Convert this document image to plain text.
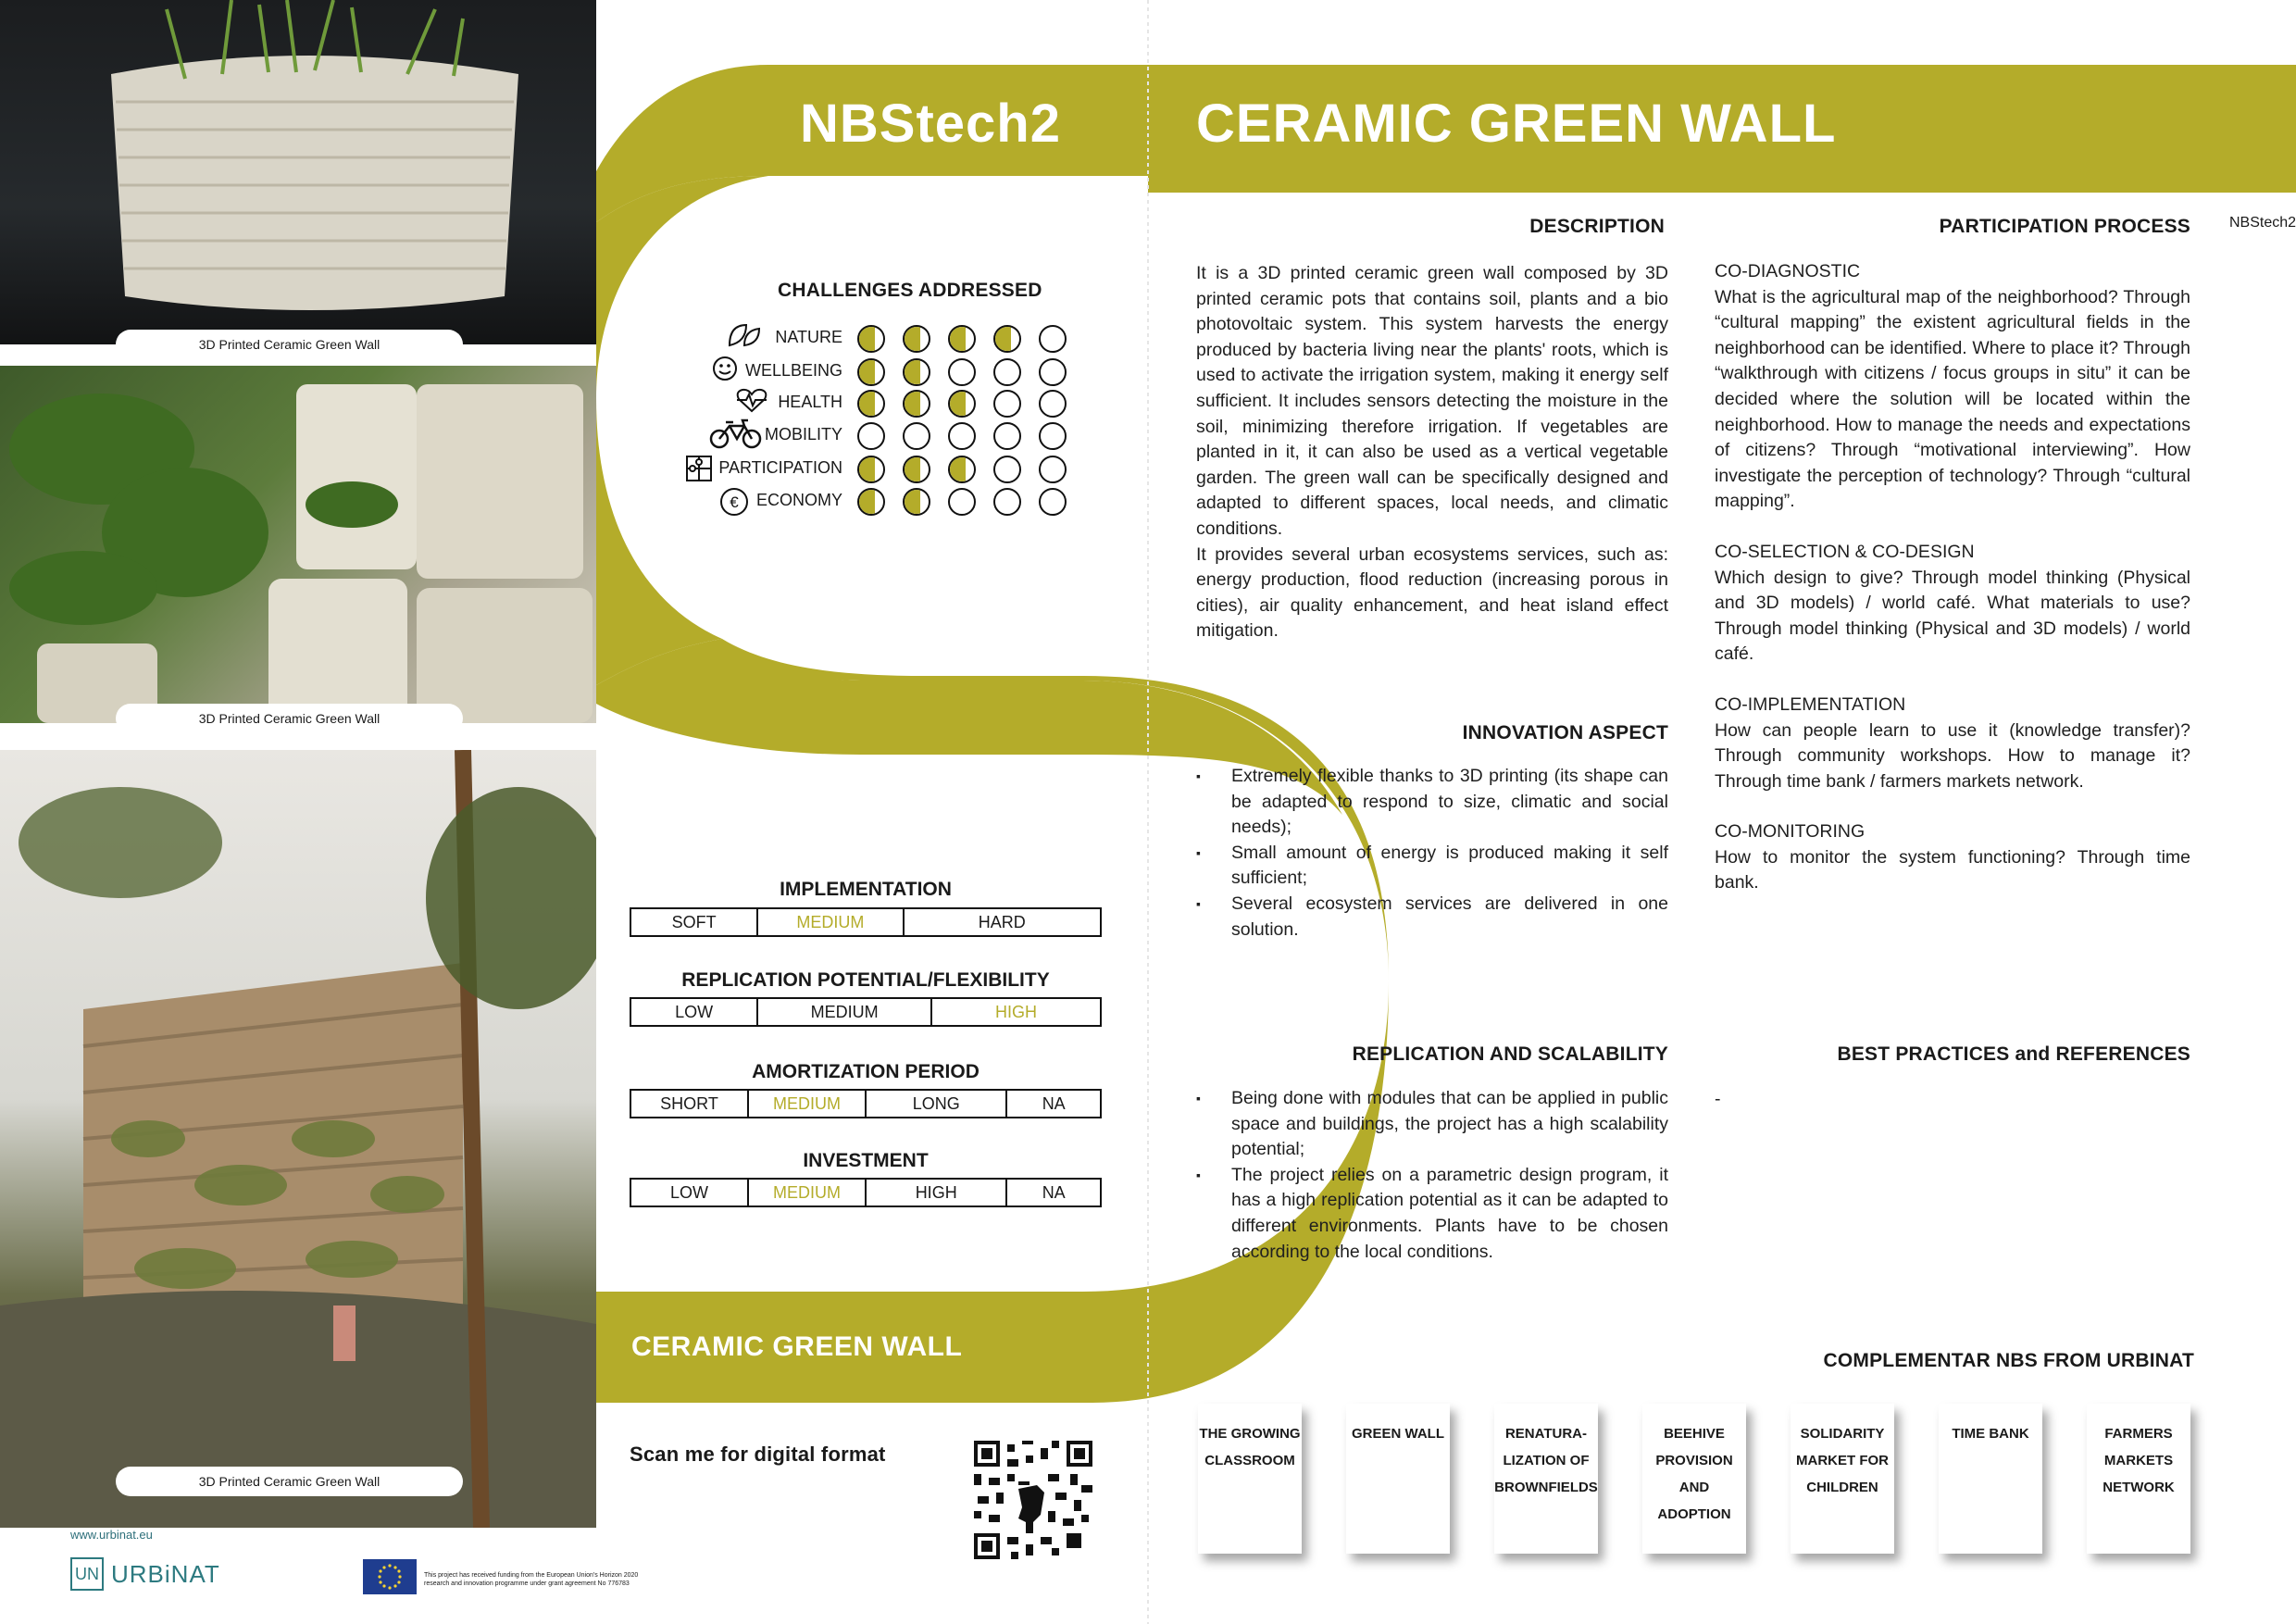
3D Printed Ceramic Green Wall
3D Printed Ceramic Green Wall
3D Printed Ceramic Green Wall
NBStech2	CERAMIC GREEN WALL
NBStech2
CHALLENGES ADDRESSED
NATURE
WELLBEING
HEALTH
MOBILITY
PARTICIPATION
ECONOMY
€
IMPLEMENTATION
SOFT	MEDIUM	HARD
REPLICATION POTENTIAL/FLEXIBILITY
LOW	MEDIUM	HIGH
AMORTIZATION PERIOD
SHORT	MEDIUM	LONG	NA
INVESTMENT
LOW	MEDIUM	HIGH	NA
CERAMIC GREEN WALL
Scan me for digital format
www.urbinat.eu
UN URBiNAT	This project has received funding from the European Union's Horizon 2020
research and innovation programme under grant agreement No 776783
DESCRIPTION
It is a 3D printed ceramic green wall composed by 3D printed ceramic pots that contains soil, plants and a bio photovoltaic system. This system harvests the energy produced by bacteria living near the plants' roots, which is used to activate the irrigation system, making it energy self sufficient. It includes sensors detecting the moisture in the soil, minimizing therefore irrigation. If vegetables are planted in it, it can also be used as a vertical vegetable garden. The green wall can be specifically designed and adapted to different spaces, local needs, and climatic conditions.
It provides several urban ecosystems services, such as: energy production, flood reduction (increasing porous in cities), air quality enhancement, and heat island effect mitigation.
INNOVATION ASPECT
▪ Extremely flexible thanks to 3D printing (its shape can be adapted to respond to size, climatic and social needs);
▪ Small amount of energy is produced making it self sufficient;
▪ Several ecosystem services are delivered in one solution.
REPLICATION AND SCALABILITY
▪ Being done with modules that can be applied in public space and buildings, the project has a high scalability potential;
▪ The project relies on a parametric design program, it has a high replication potential as it can be adapted to different environments. Plants have to be chosen according to the local conditions.
PARTICIPATION PROCESS
CO-DIAGNOSTIC
What is the agricultural map of the neighborhood? Through “cultural mapping” the existent agricultural fields in the neighborhood can be identified. Where to place it? Through “walkthrough with citizens / focus groups in situ” it can be decided where the solution will be located within the neighborhood. How to manage the needs and expectations of citizens? Through “motivational interviewing”. How investigate the perception of technology? Through “cultural mapping”.
CO-SELECTION & CO-DESIGN
Which design to give? Through model thinking (Physical and 3D models) / world café. What materials to use? Through model thinking (Physical and 3D models) / world café.
CO-IMPLEMENTATION
How can people learn to use it (knowledge transfer)? Through community workshops. How to manage it? Through time bank / farmers markets network.
CO-MONITORING
How to monitor the system functioning? Through time bank.
BEST PRACTICES and REFERENCES
-
COMPLEMENTAR NBS FROM URBINAT
THE GROWING
CLASSROOM
GREEN WALL	RENATURA-
LIZATION OF
BROWNFIELDS
BEEHIVE
PROVISION AND
ADOPTION
SOLIDARITY
MARKET FOR
CHILDREN
TIME BANK	FARMERS
MARKETS
NETWORK
